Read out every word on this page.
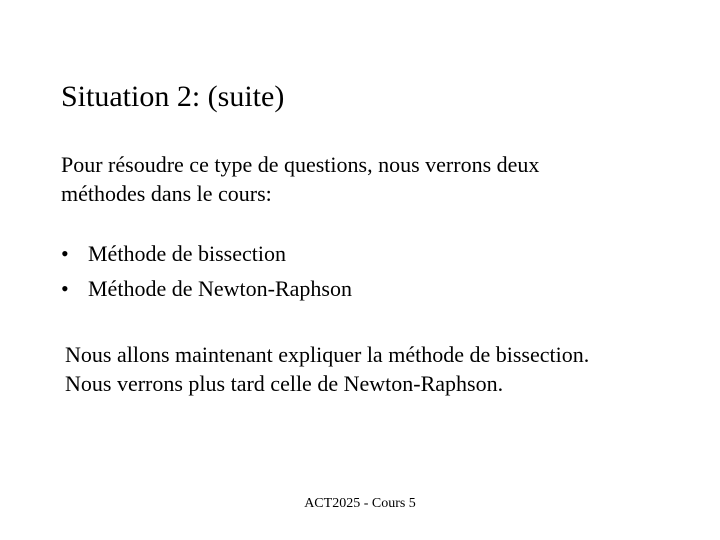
Situation 2: (suite)
Pour résoudre ce type de questions, nous verrons deux
méthodes dans le cours:
• Méthode de bissection
• Méthode de Newton-Raphson
Nous allons maintenant expliquer la méthode de bissection.
Nous verrons plus tard celle de Newton-Raphson.
ACT2025 - Cours 5
